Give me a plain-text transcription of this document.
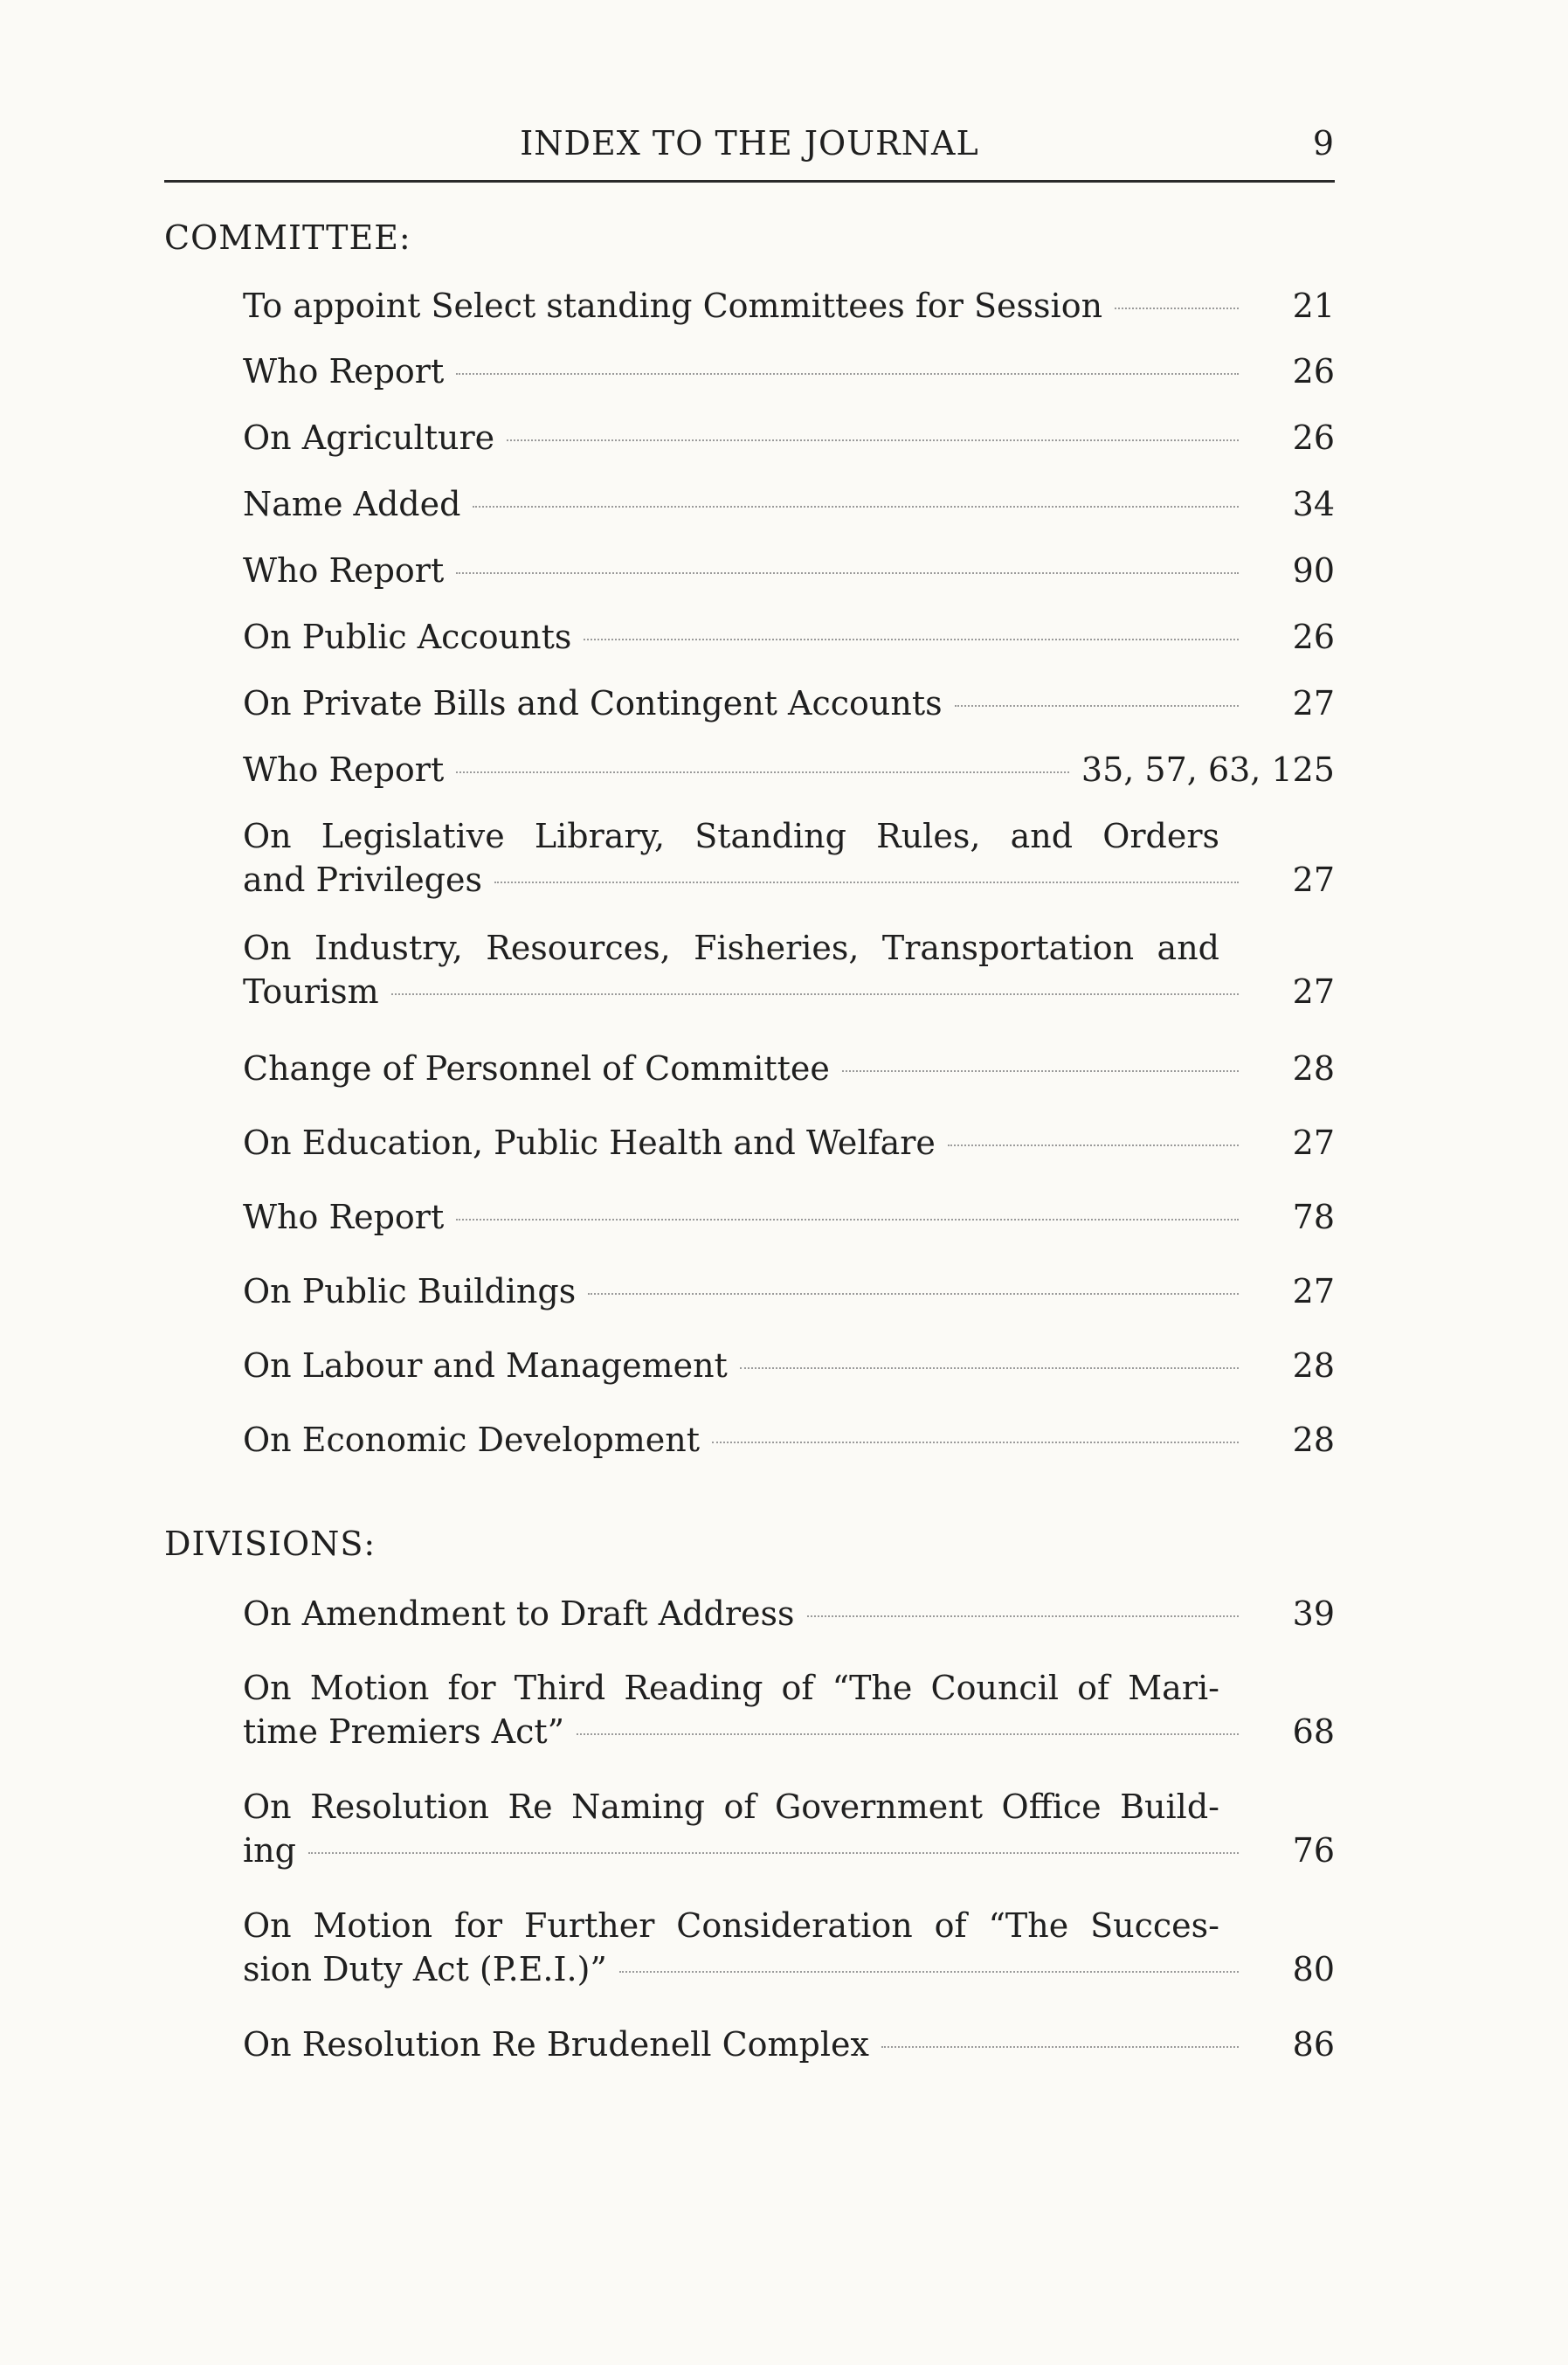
INDEX TO THE JOURNAL	9
COMMITTEE:
To appoint Select standing Committees for Session	21
Who Report	26
On Agriculture	26
Name Added	34
Who Report	90
On Public Accounts	26
On Private Bills and Contingent Accounts	27
Who Report	35, 57, 63, 125
On Legislative Library, Standing Rules, and Orders
and Privileges	27
On Industry, Resources, Fisheries, Transportation and
Tourism	27
Change of Personnel of Committee	28
On Education, Public Health and Welfare	27
Who Report	78
On Public Buildings	27
On Labour and Management	28
On Economic Development	28
DIVISIONS:
On Amendment to Draft Address	39
On Motion for Third Reading of “The Council of Mari-
time Premiers Act”	68
On Resolution Re Naming of Government Office Build-
ing	76
On Motion for Further Consideration of “The Succes-
sion Duty Act (P.E.I.)”	80
On Resolution Re Brudenell Complex	86
